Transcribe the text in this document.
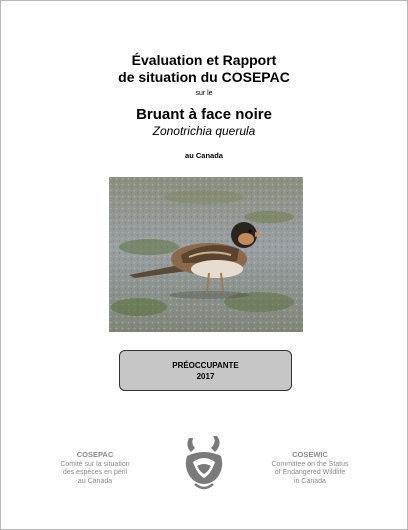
Évaluation et Rapport
de situation du COSEPAC
sur le
Bruant à face noire
Zonotrichia querula
au Canada
PRÉOCCUPANTE
2017
COSEPAC
Comité sur la situation
des espèces en péril
au Canada
COSEWIC
Committee on the Status
of Endangered Wildlife
in Canada
